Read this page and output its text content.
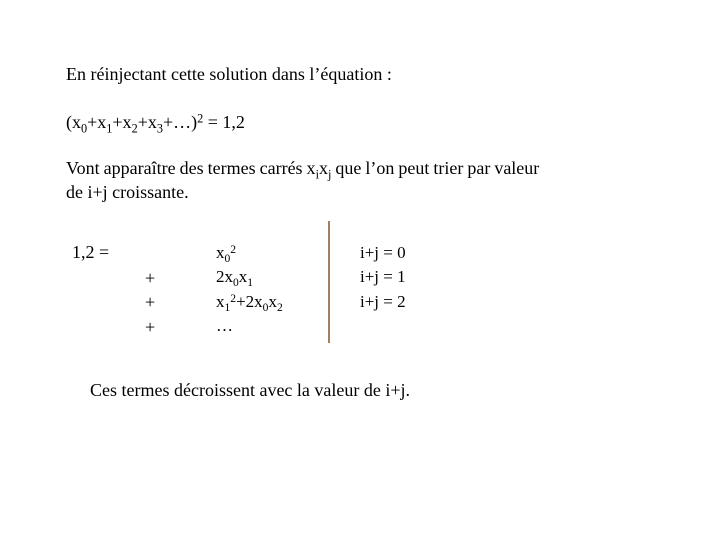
En réinjectant cette solution dans l’équation :
$(x_0+x_1+x_2+x_3+\dots)^2 = 1,2$
Vont apparaître des termes carrés $x_ix_j$ que l’on peut trier par valeur
de i+j croissante.
1,2 =
+
+
+
$x_0^2$
$2x_0x_1$
$x_1^2+2x_0x_2$
…
i+j = 0
i+j = 1
i+j = 2
Ces termes décroissent avec la valeur de i+j.
